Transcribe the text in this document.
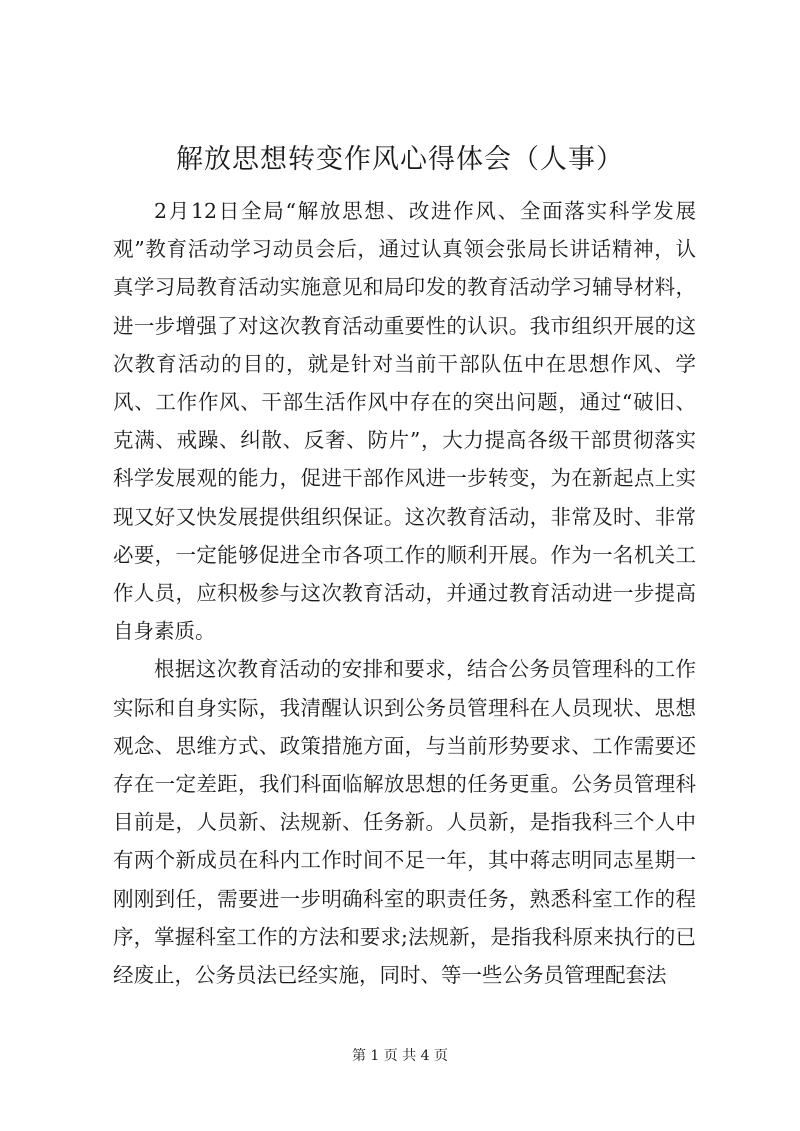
解放思想转变作风心得体会（人事）

2月12日全局“解放思想、改进作风、全面落实科学发展观”教育活动学习动员会后，通过认真领会张局长讲话精神，认真学习局教育活动实施意见和局印发的教育活动学习辅导材料，进一步增强了对这次教育活动重要性的认识。我市组织开展的这次教育活动的目的，就是针对当前干部队伍中在思想作风、学风、工作作风、干部生活作风中存在的突出问题，通过“破旧、克满、戒躁、纠散、反奢、防片”，大力提高各级干部贯彻落实科学发展观的能力，促进干部作风进一步转变，为在新起点上实现又好又快发展提供组织保证。这次教育活动，非常及时、非常必要，一定能够促进全市各项工作的顺利开展。作为一名机关工作人员，应积极参与这次教育活动，并通过教育活动进一步提高自身素质。

根据这次教育活动的安排和要求，结合公务员管理科的工作实际和自身实际，我清醒认识到公务员管理科在人员现状、思想观念、思维方式、政策措施方面，与当前形势要求、工作需要还存在一定差距，我们科面临解放思想的任务更重。公务员管理科目前是，人员新、法规新、任务新。人员新，是指我科三个人中有两个新成员在科内工作时间不足一年，其中蒋志明同志星期一刚刚到任，需要进一步明确科室的职责任务，熟悉科室工作的程序，掌握科室工作的方法和要求;法规新，是指我科原来执行的已经废止，公务员法已经实施，同时、等一些公务员管理配套法

第 1 页 共 4 页
